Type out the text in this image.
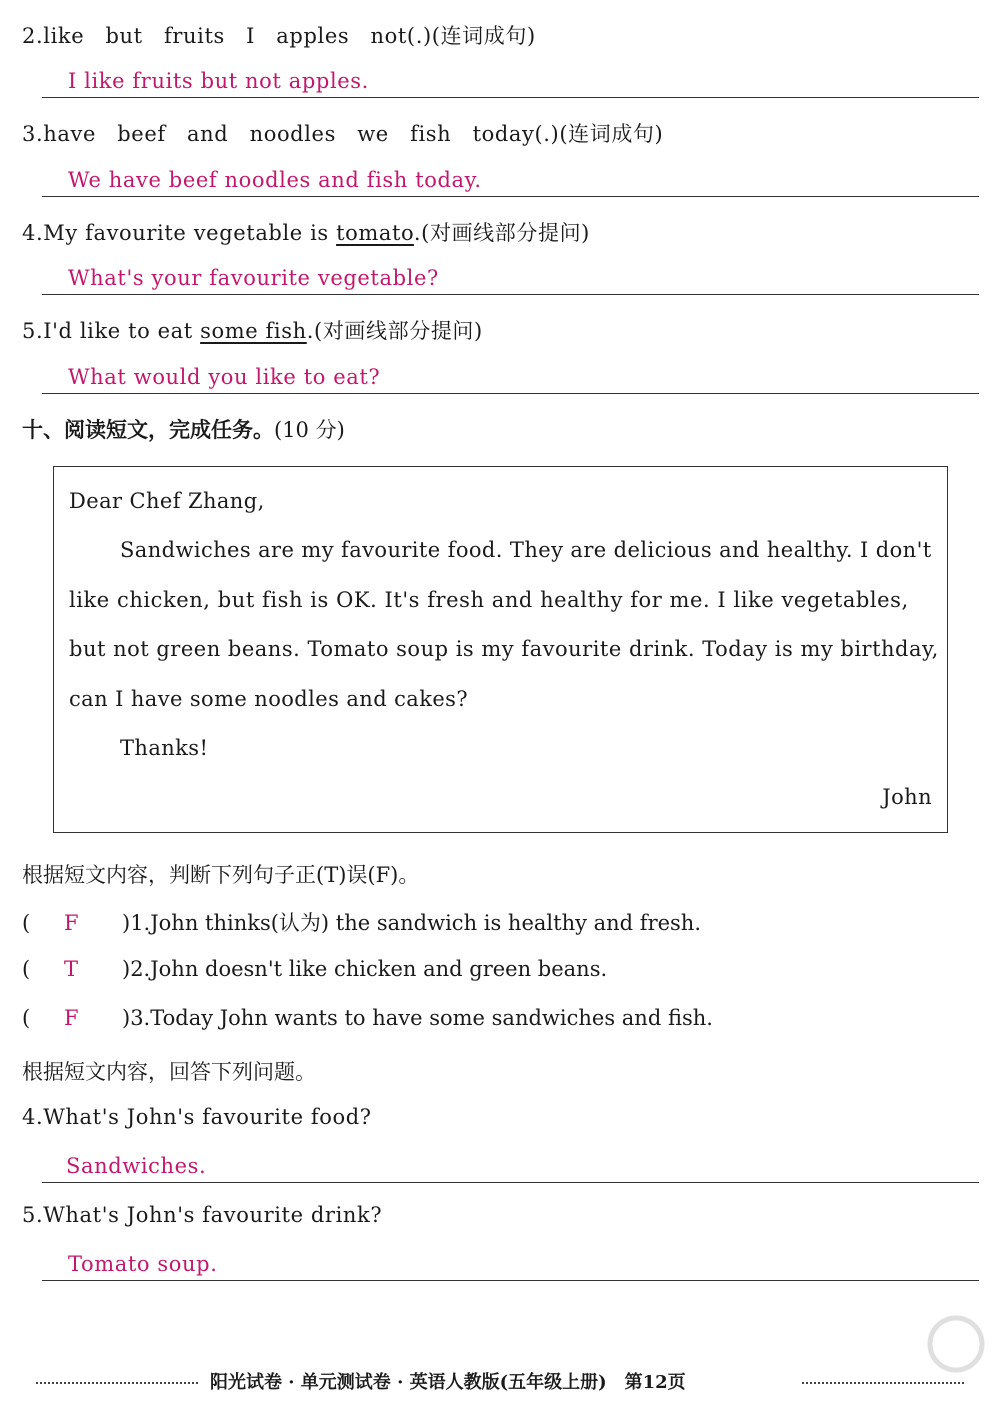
2.like but fruits I apples not(.)(连词成句)
I like fruits but not apples.
3.have beef and noodles we fish today(.)(连词成句)
We have beef noodles and fish today.
4.My favourite vegetable is tomato.(对画线部分提问)
What's your favourite vegetable?
5.I'd like to eat some fish.(对画线部分提问)
What would you like to eat?
十、阅读短文，完成任务。(10 分)
Dear Chef Zhang,
Sandwiches are my favourite food. They are delicious and healthy. I don't
like chicken, but fish is OK. It's fresh and healthy for me. I like vegetables,
but not green beans. Tomato soup is my favourite drink. Today is my birthday,
can I have some noodles and cakes?
Thanks!
John
根据短文内容，判断下列句子正(T)误(F)。
( F )1.John thinks(认为) the sandwich is healthy and fresh.
( T )2.John doesn't like chicken and green beans.
( F )3.Today John wants to have some sandwiches and fish.
根据短文内容，回答下列问题。
4.What's John's favourite food?
Sandwiches.
5.What's John's favourite drink?
Tomato soup.
阳光试卷 · 单元测试卷 · 英语人教版(五年级上册)　第12页
